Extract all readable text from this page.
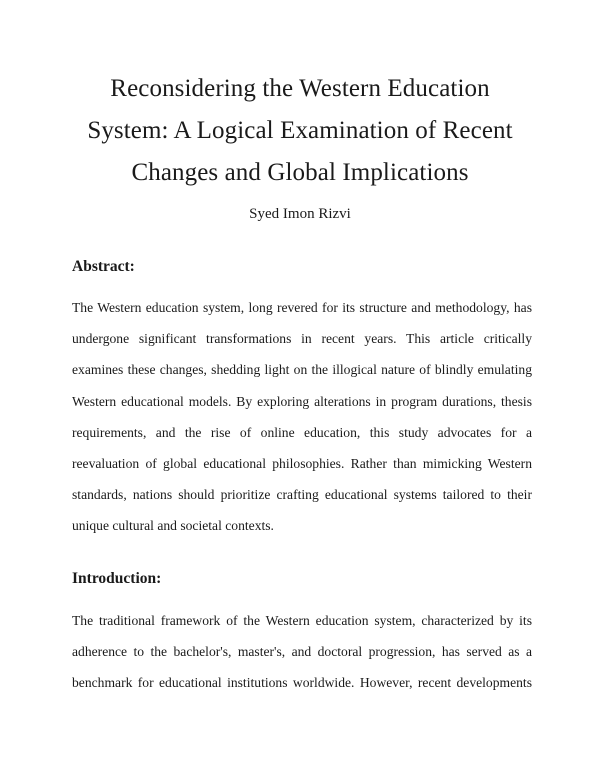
Reconsidering the Western Education
System: A Logical Examination of Recent
Changes and Global Implications
Syed Imon Rizvi
Abstract:

The Western education system, long revered for its structure and methodology, has
undergone significant transformations in recent years. This article critically
examines these changes, shedding light on the illogical nature of blindly emulating
Western educational models. By exploring alterations in program durations, thesis
requirements, and the rise of online education, this study advocates for a
reevaluation of global educational philosophies. Rather than mimicking Western
standards, nations should prioritize crafting educational systems tailored to their
unique cultural and societal contexts.

Introduction:

The traditional framework of the Western education system, characterized by its
adherence to the bachelor's, master's, and doctoral progression, has served as a
benchmark for educational institutions worldwide. However, recent developments
